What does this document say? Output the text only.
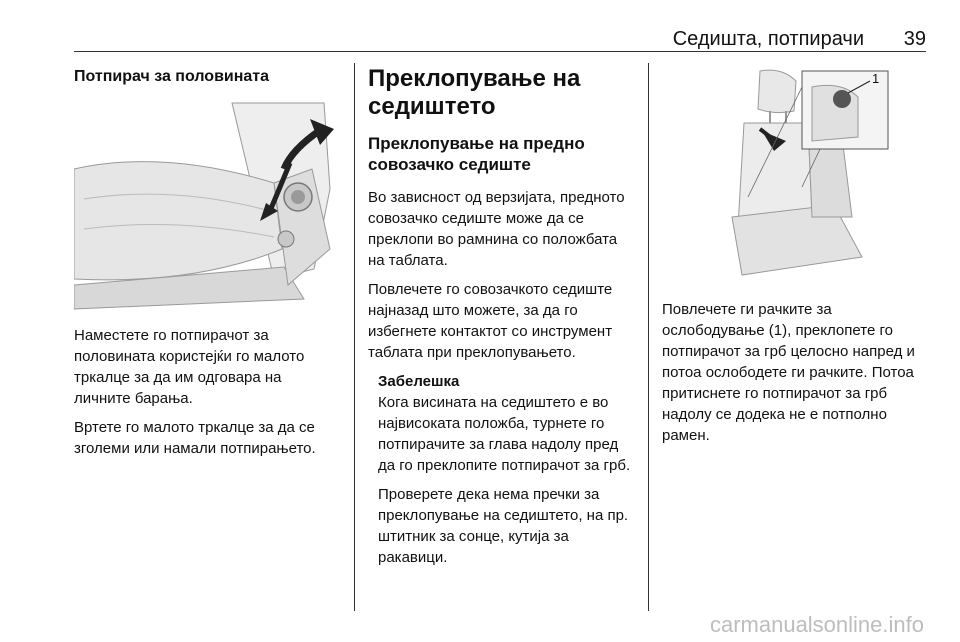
Седишта, потпирачи 39
Потпирач за половината

Наместете го потпирачот за половината користејќи го малото тркалце за да им одговара на личните барања.

Вртете го малото тркалце за да се зголеми или намали потпирањето.

Преклопување на седиштето
Преклопување на предно совозачко седиште

Во зависност од верзијата, предното совозачко седиште може да се преклопи во рамнина со положбата на таблата.

Повлечете го совозачкото седиште најназад што можете, за да го избегнете контактот со инструмент таблата при преклопувањето.

Забелешка

Кога висината на седиштето е во највисоката положба, турнете го потпирачите за глава надолу пред да го преклопите потпирачот за грб.

Проверете дека нема пречки за преклопување на седиштето, на пр. штитник за сонце, кутија за ракавици.

1

Повлечете ги рачките за ослободување (1), преклопете го потпирачот за грб целосно напред и потоа ослободете ги рачките. Потоа притиснете го потпирачот за грб надолу се додека не е потполно рамен.

carmanualsonline.info
